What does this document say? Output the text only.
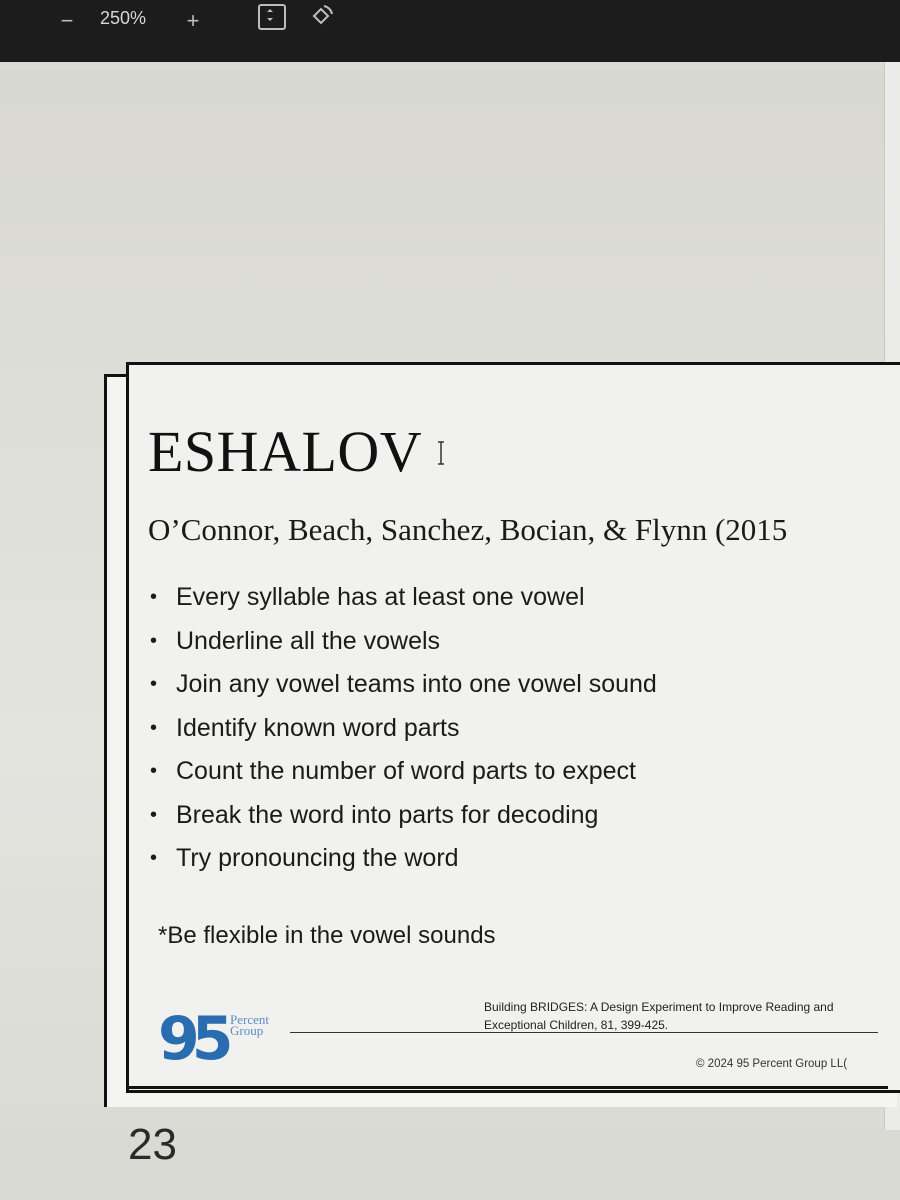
−	250%	+
ESHALOV
O’Connor, Beach, Sanchez, Bocian, & Flynn (2015
• Every syllable has at least one vowel
• Underline all the vowels
• Join any vowel teams into one vowel sound
• Identify known word parts
• Count the number of word parts to expect
• Break the word into parts for decoding
• Try pronouncing the word
*Be flexible in the vowel sounds
95 Percent
Group
Building BRIDGES: A Design Experiment to Improve Reading and
Exceptional Children, 81, 399-425.
© 2024 95 Percent Group LL(
23
